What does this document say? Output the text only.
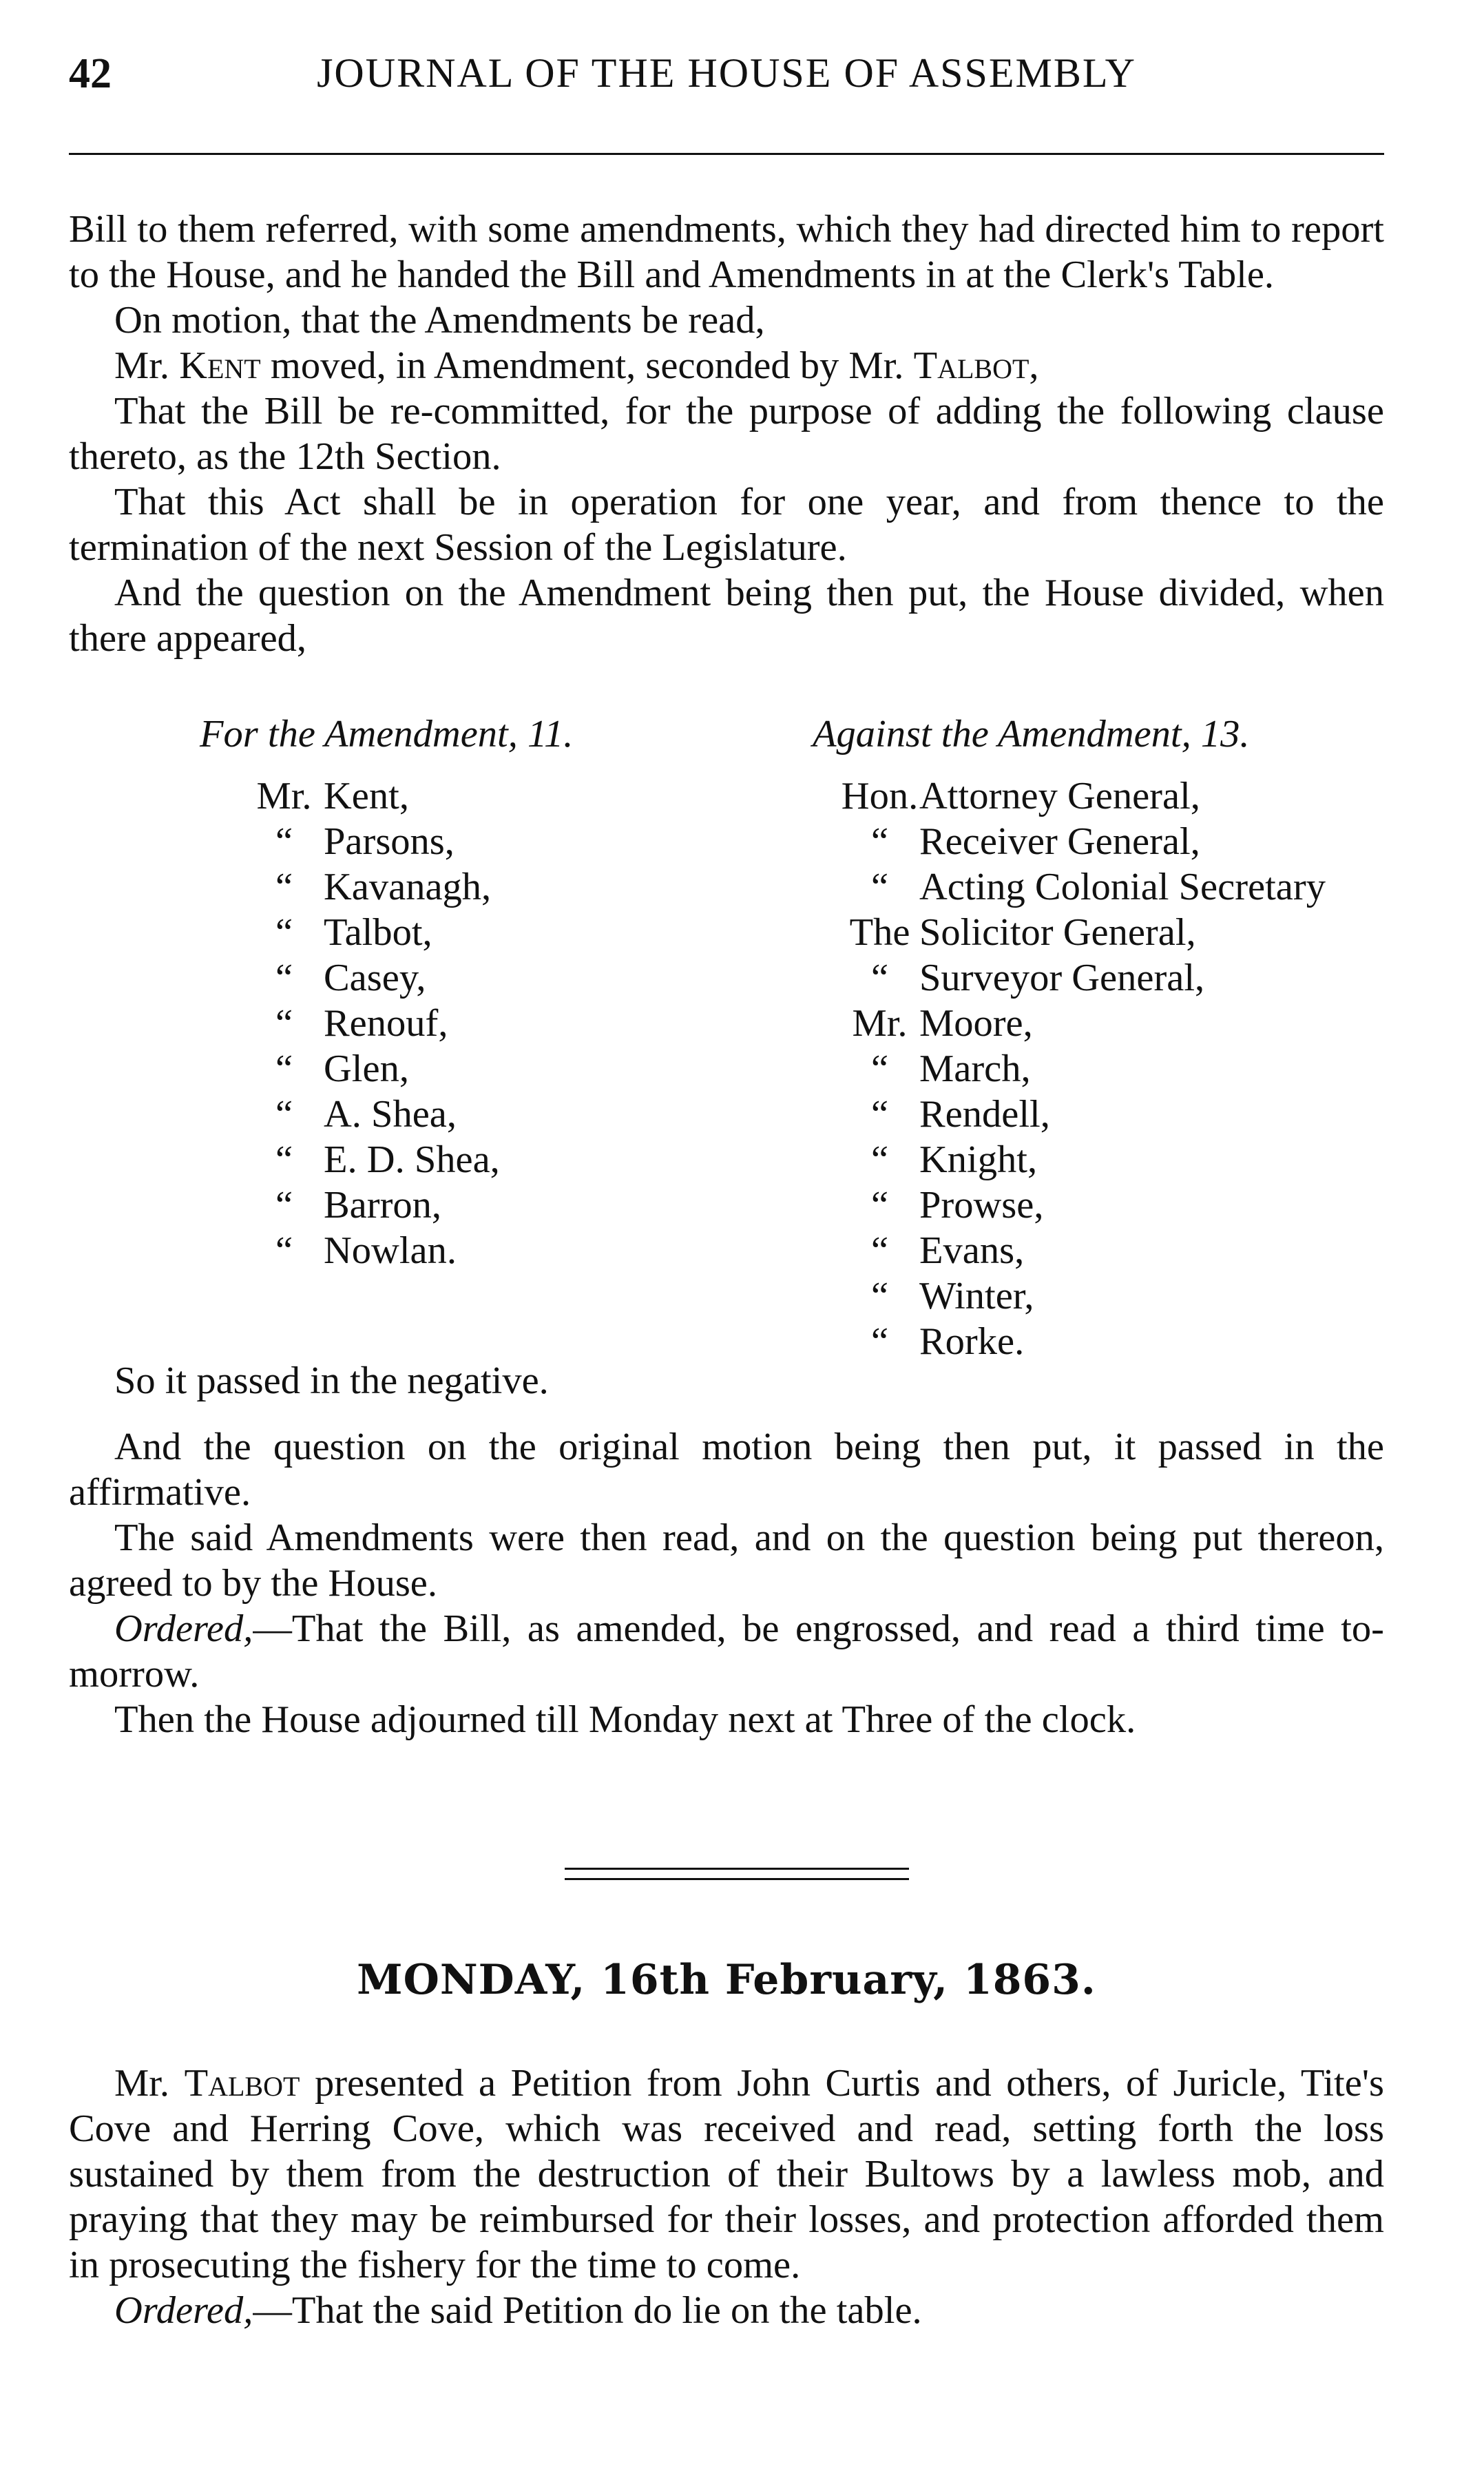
42	JOURNAL OF THE HOUSE OF ASSEMBLY

Bill to them referred, with some amendments, which they had directed him to report to the House, and he handed the Bill and Amendments in at the Clerk's Table.

On motion, that the Amendments be read,

Mr. Kent moved, in Amendment, seconded by Mr. Talbot,

That the Bill be re-committed, for the purpose of adding the following clause thereto, as the 12th Section.

That this Act shall be in operation for one year, and from thence to the termination of the next Session of the Legislature.

And the question on the Amendment being then put, the House divided, when there appeared,

For the Amendment, 11.	Against the Amendment, 13.
Mr. Kent,
“ Parsons,
“ Kavanagh,
“ Talbot,
“ Casey,
“ Renouf,
“ Glen,
“ A. Shea,
“ E. D. Shea,
“ Barron,
“ Nowlan.
Hon. Attorney General,
“ Receiver General,
“ Acting Colonial Secretary
The Solicitor General,
“ Surveyor General,
Mr. Moore,
“ March,
“ Rendell,
“ Knight,
“ Prowse,
“ Evans,
“ Winter,
“ Rorke.

So it passed in the negative.

And the question on the original motion being then put, it passed in the affirmative.

The said Amendments were then read, and on the question being put thereon, agreed to by the House.

Ordered,—That the Bill, as amended, be engrossed, and read a third time to-morrow.

Then the House adjourned till Monday next at Three of the clock.

MONDAY, 16th February, 1863.

Mr. Talbot presented a Petition from John Curtis and others, of Juricle, Tite's Cove and Herring Cove, which was received and read, setting forth the loss sustained by them from the destruction of their Bultows by a lawless mob, and praying that they may be reimbursed for their losses, and protection afforded them in prosecuting the fishery for the time to come.

Ordered,—That the said Petition do lie on the table.
